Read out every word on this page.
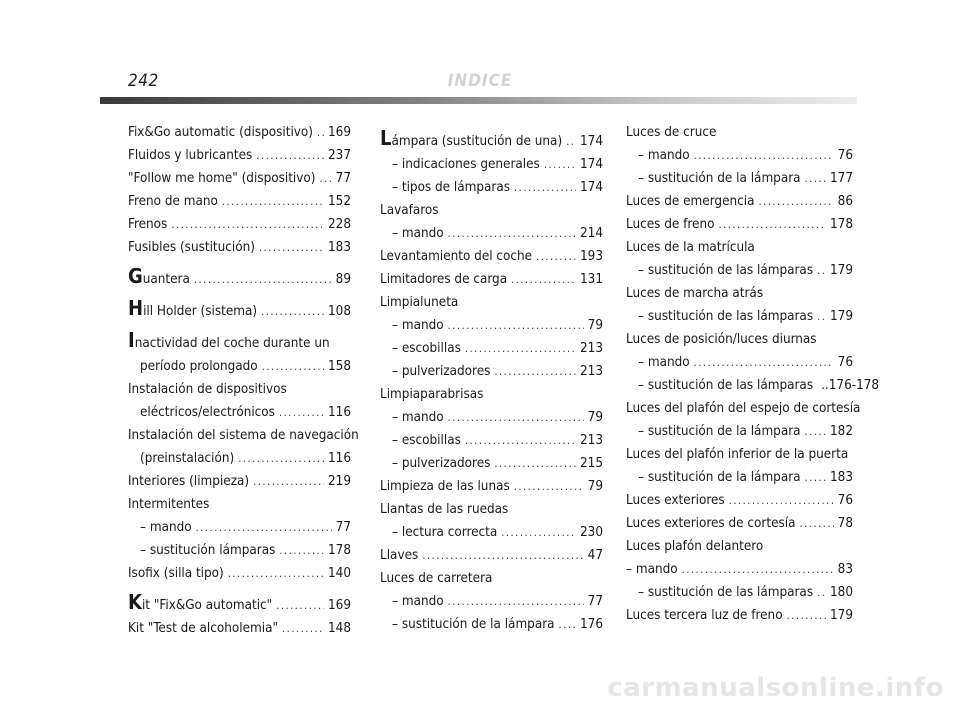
242	INDICE
Fix&Go automatic (dispositivo) ..... 169
Fluidos y lubricantes .....	237
"Follow me home" (dispositivo) ..... 77
Freno de mano .....	152
Frenos .....	228
Fusibles (sustitución) .....	183
Guantera .....	89
Hill Holder (sistema) .....	108
Inactividad del coche durante un
período prolongado .....	158
Instalación de dispositivos
eléctricos/electrónicos .....	116
Instalación del sistema de navegación
(preinstalación) .....	116
Interiores (limpieza) .....	219
Intermitentes
– mando .....	77
– sustitución lámparas .....	178
Isofix (silla tipo) .....	140
Kit "Fix&Go automatic" .....	169
Kit "Test de alcoholemia" .....	148
Lámpara (sustitución de una) ..... 174
– indicaciones generales .....	174
– tipos de lámparas .....	174
Lavafaros
– mando .....	214
Levantamiento del coche .....	193
Limitadores de carga .....	131
Limpialuneta
– mando .....	79
– escobillas .....	213
– pulverizadores .....	213
Limpiaparabrisas
– mando .....	79
– escobillas .....	213
– pulverizadores .....	215
Limpieza de las lunas .....	79
Llantas de las ruedas
– lectura correcta .....	230
Llaves .....	47
Luces de carretera
– mando .....	77
– sustitución de la lámpara ..... 176
Luces de cruce
– mando .....	76
– sustitución de la lámpara ..... 177
Luces de emergencia .....	86
Luces de freno .....	178
Luces de la matrícula
– sustitución de las lámparas ..... 179
Luces de marcha atrás
– sustitución de las lámparas ..... 179
Luces de posición/luces diurnas
– mando .....	76
– sustitución de las lámparas ..176-178
Luces del plafón del espejo de cortesía
– sustitución de la lámpara ..... 182
Luces del plafón inferior de la puerta
– sustitución de la lámpara ..... 183
Luces exteriores .....	76
Luces exteriores de cortesía .....	78
Luces plafón delantero
– mando .....	83
– sustitución de las lámparas ..... 180
Luces tercera luz de freno .....	179
carmanualsonline.info
